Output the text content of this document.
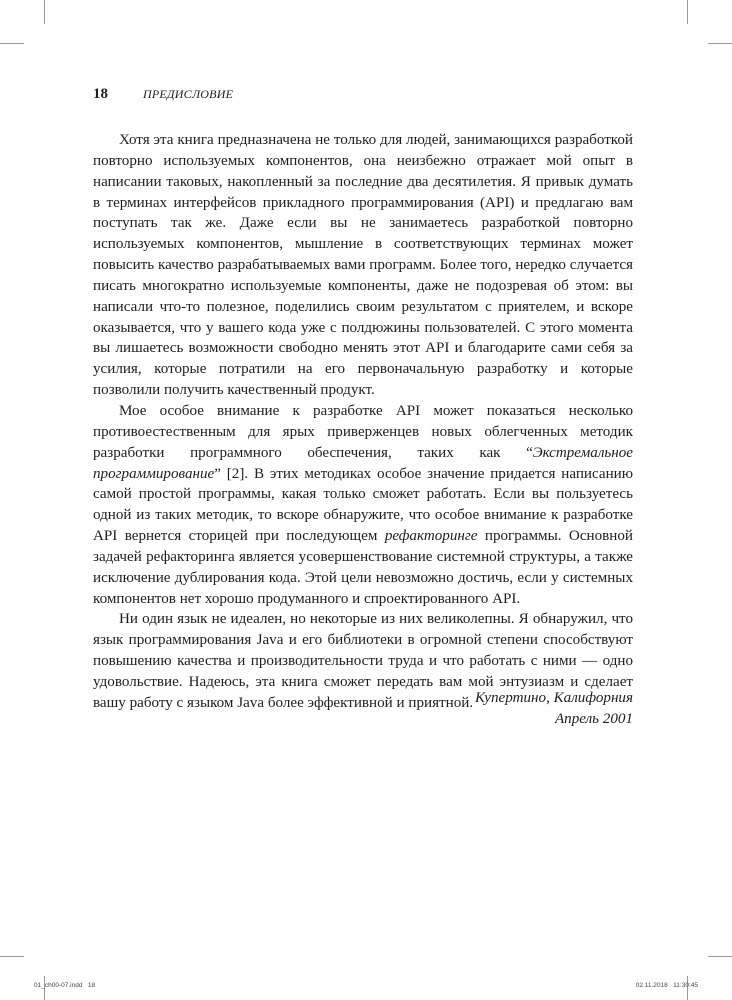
18	ПРЕДИСЛОВИЕ

Хотя эта книга предназначена не только для людей, занимающихся разработкой повторно используемых компонентов, она неизбежно отражает мой опыт в написании таковых, накопленный за последние два десятилетия. Я привык думать в терминах интерфейсов прикладного программирования (API) и предлагаю вам поступать так же. Даже если вы не занимаетесь разработкой повторно используемых компонентов, мышление в соответствующих терминах может повысить качество разрабатываемых вами программ. Более того, нередко случается писать многократно используемые компоненты, даже не подозревая об этом: вы написали что-то полезное, поделились своим результатом с приятелем, и вскоре оказывается, что у вашего кода уже с полдюжины пользователей. С этого момента вы лишаетесь возможности свободно менять этот API и благодарите сами себя за усилия, которые потратили на его первоначальную разработку и которые позволили получить качественный продукт.

Мое особое внимание к разработке API может показаться несколько противоестественным для ярых приверженцев новых облегченных методик разработки программного обеспечения, таких как “Экстремальное программирование” [2]. В этих методиках особое значение придается написанию самой простой программы, какая только сможет работать. Если вы пользуетесь одной из таких методик, то вскоре обнаружите, что особое внимание к разработке API вернется сторицей при последующем рефакторинге программы. Основной задачей рефакторинга является усовершенствование системной структуры, а также исключение дублирования кода. Этой цели невозможно достичь, если у системных компонентов нет хорошо продуманного и спроектированного API.

Ни один язык не идеален, но некоторые из них великолепны. Я обнаружил, что язык программирования Java и его библиотеки в огромной степени способствуют повышению качества и производительности труда и что работать с ними — одно удовольствие. Надеюсь, эта книга сможет передать вам мой энтузиазм и сделает вашу работу с языком Java более эффективной и приятной. Купертино, Калифорния
Апрель 2001
01_ch00-07.indd   18	02.11.2018   11:30:45
